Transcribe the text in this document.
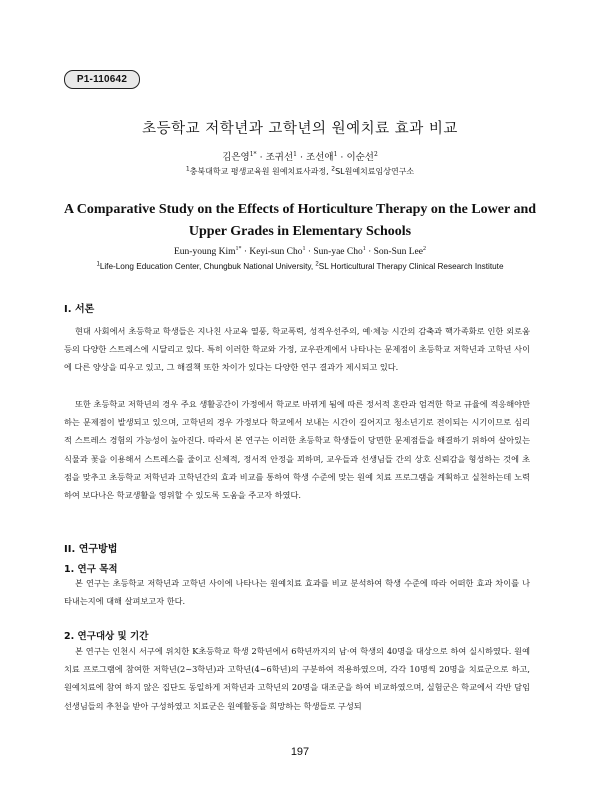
P1-110642
초등학교 저학년과 고학년의 원예치료 효과 비교
김은영$^{1*}$ · 조귀선$^1$ · 조선애$^1$ · 이순선$^2$
$^1$충북대학교 평생교육원 원예치료사과정, $^2$SL원예치료임상연구소
A Comparative Study on the Effects of Horticulture Therapy on the Lower and Upper Grades in Elementary Schools
Eun-young Kim$^{1*}$ · Keyi-sun Cho$^1$ · Sun-yae Cho$^1$ · Son-Sun Lee$^2$
$^1$Life-Long Education Center, Chungbuk National University, $^2$SL Horticultural Therapy Clinical Research Institute
I. 서론

현대 사회에서 초등학교 학생들은 지나친 사교육 열풍, 학교폭력, 성적우선주의, 예·체능 시간의 감축과 핵가족화로 인한 외로움 등의 다양한 스트레스에 시달리고 있다. 특히 이러한 학교와 가정, 교우관계에서 나타나는 문제점이 초등학교 저학년과 고학년 사이에 다른 양상을 띠우고 있고, 그 해결책 또한 차이가 있다는 다양한 연구 결과가 제시되고 있다.

또한 초등학교 저학년의 경우 주요 생활공간이 가정에서 학교로 바뀌게 됨에 따른 정서적 혼란과 엄격한 학교 규율에 적응해야만 하는 문제점이 발생되고 있으며, 고학년의 경우 가정보다 학교에서 보내는 시간이 길어지고 청소년기로 전이되는 시기이므로 심리적 스트레스 경험의 가능성이 높아진다. 따라서 본 연구는 이러한 초등학교 학생들이 당면한 문제점들을 해결하기 위하여 살아있는 식물과 꽃을 이용해서 스트레스를 줄이고 신체적, 정서적 안정을 꾀하며, 교우들과 선생님들 간의 상호 신뢰감을 형성하는 것에 초점을 맞추고 초등학교 저학년과 고학년간의 효과 비교를 통하여 학생 수준에 맞는 원예 치료 프로그램을 계획하고 실천하는데 노력하여 보다나은 학교생활을 영위할 수 있도록 도움을 주고자 하였다.

II. 연구방법
1. 연구 목적

본 연구는 초등학교 저학년과 고학년 사이에 나타나는 원예치료 효과를 비교 분석하여 학생 수준에 따라 어떠한 효과 차이를 나타내는지에 대해 살펴보고자 한다.

2. 연구대상 및 기간

본 연구는 인천시 서구에 위치한 K초등학교 학생 2학년에서 6학년까지의 남·여 학생의 40명을 대상으로 하여 실시하였다. 원예치료 프로그램에 참여한 저학년(2~3학년)과 고학년(4~6학년)의 구분하여 적용하였으며, 각각 10명씩 20명을 치료군으로 하고, 원예치료에 참여 하지 않은 집단도 동일하게 저학년과 고학년의 20명을 대조군을 하여 비교하였으며, 실험군은 학교에서 각반 담임선생님들의 추천을 받아 구성하였고 치료군은 원예활동을 희망하는 학생들로 구성되

197
